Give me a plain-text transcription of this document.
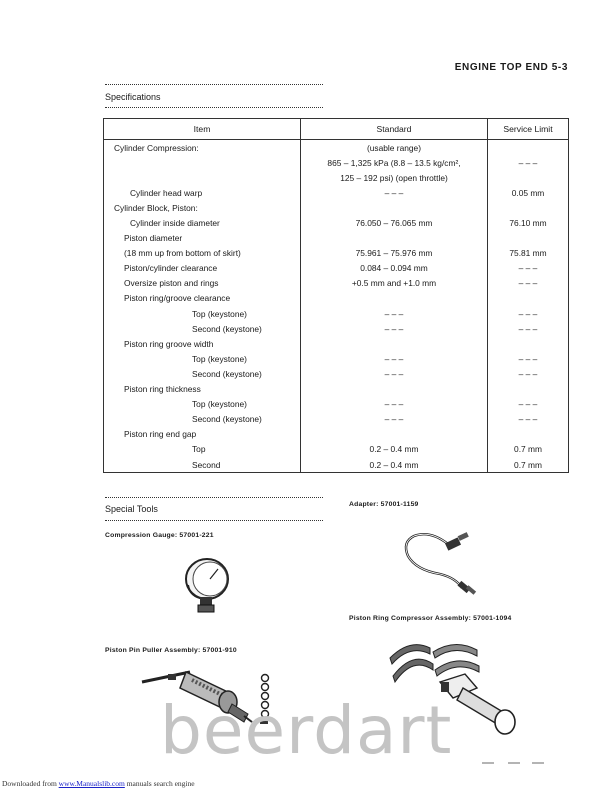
ENGINE TOP END 5-3
Specifications
Item	Standard	Service Limit
Cylinder Compression:	(usable range)	
	865 – 1,325 kPa (8.8 – 13.5 kg/cm²,	– – –
	125 – 192 psi) (open throttle)	
Cylinder head warp	– – –	0.05 mm
Cylinder Block, Piston:		
Cylinder inside diameter	76.050 – 76.065 mm	76.10 mm
Piston diameter		
(18 mm up from bottom of skirt)	75.961 – 75.976 mm	75.81 mm
Piston/cylinder clearance	0.084 – 0.094 mm	– – –
Oversize piston and rings	+0.5 mm and +1.0 mm	– – –
Piston ring/groove clearance		
Top (keystone)	– – –	– – –
Second (keystone)	– – –	– – –
Piston ring groove width		
Top (keystone)	– – –	– – –
Second (keystone)	– – –	– – –
Piston ring thickness		
Top (keystone)	– – –	– – –
Second (keystone)	– – –	– – –
Piston ring end gap		
Top	0.2 – 0.4 mm	0.7 mm
Second	0.2 – 0.4 mm	0.7 mm
Special Tools
Compression Gauge: 57001-221
Adapter: 57001-1159
Piston Ring Compressor Assembly: 57001-1094
Piston Pin Puller Assembly: 57001-910
beerdart
Downloaded from www.Manualslib.com manuals search engine
